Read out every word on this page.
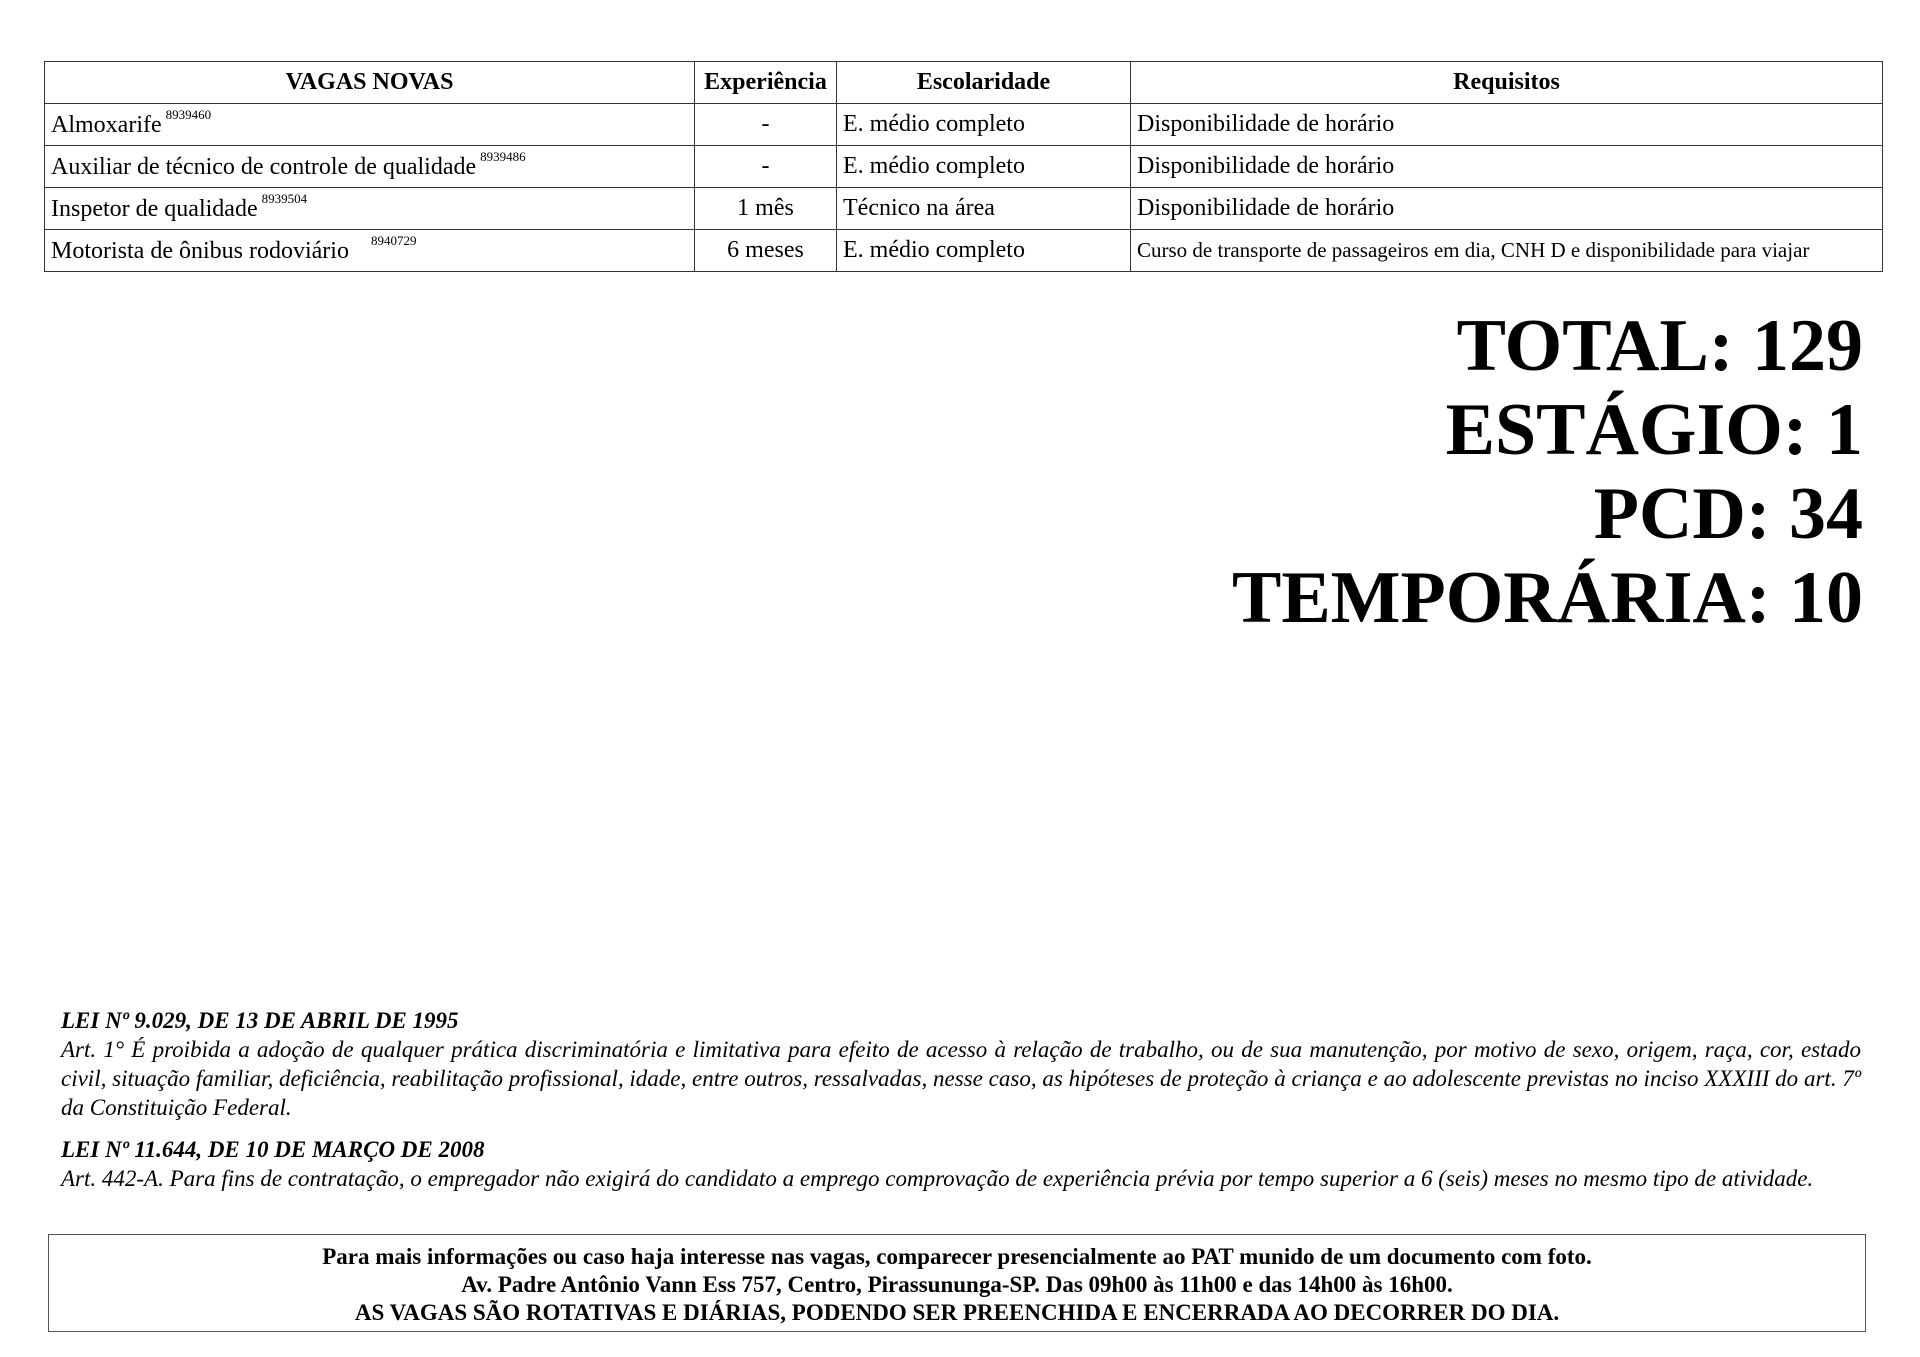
VAGAS NOVAS	Experiência	Escolaridade	Requisitos
Almoxarife $^{8939460}$	-	E. médio completo	Disponibilidade de horário
Auxiliar de técnico de controle de qualidade $^{8939486}$	-	E. médio completo	Disponibilidade de horário
Inspetor de qualidade $^{8939504}$	1 mês	Técnico na área	Disponibilidade de horário
Motorista de ônibus rodoviário $^{8940729}$	6 meses	E. médio completo	Curso de transporte de passageiros em dia, CNH D e disponibilidade para viajar
TOTAL: 129
ESTÁGIO: 1
PCD: 34
TEMPORÁRIA: 10
LEI Nº 9.029, DE 13 DE ABRIL DE 1995
Art. 1° É proibida a adoção de qualquer prática discriminatória e limitativa para efeito de acesso à relação de trabalho, ou de sua manutenção, por motivo de sexo, origem, raça, cor, estado civil, situação familiar, deficiência, reabilitação profissional, idade, entre outros, ressalvadas, nesse caso, as hipóteses de proteção à criança e ao adolescente previstas no inciso XXXIII do art. 7º da Constituição Federal.
LEI Nº 11.644, DE 10 DE MARÇO DE 2008
Art. 442-A. Para fins de contratação, o empregador não exigirá do candidato a emprego comprovação de experiência prévia por tempo superior a 6 (seis) meses no mesmo tipo de atividade.
Para mais informações ou caso haja interesse nas vagas, comparecer presencialmente ao PAT munido de um documento com foto.
Av. Padre Antônio Vann Ess 757, Centro, Pirassununga-SP. Das 09h00 às 11h00 e das 14h00 às 16h00.
AS VAGAS SÃO ROTATIVAS E DIÁRIAS, PODENDO SER PREENCHIDA E ENCERRADA AO DECORRER DO DIA.
